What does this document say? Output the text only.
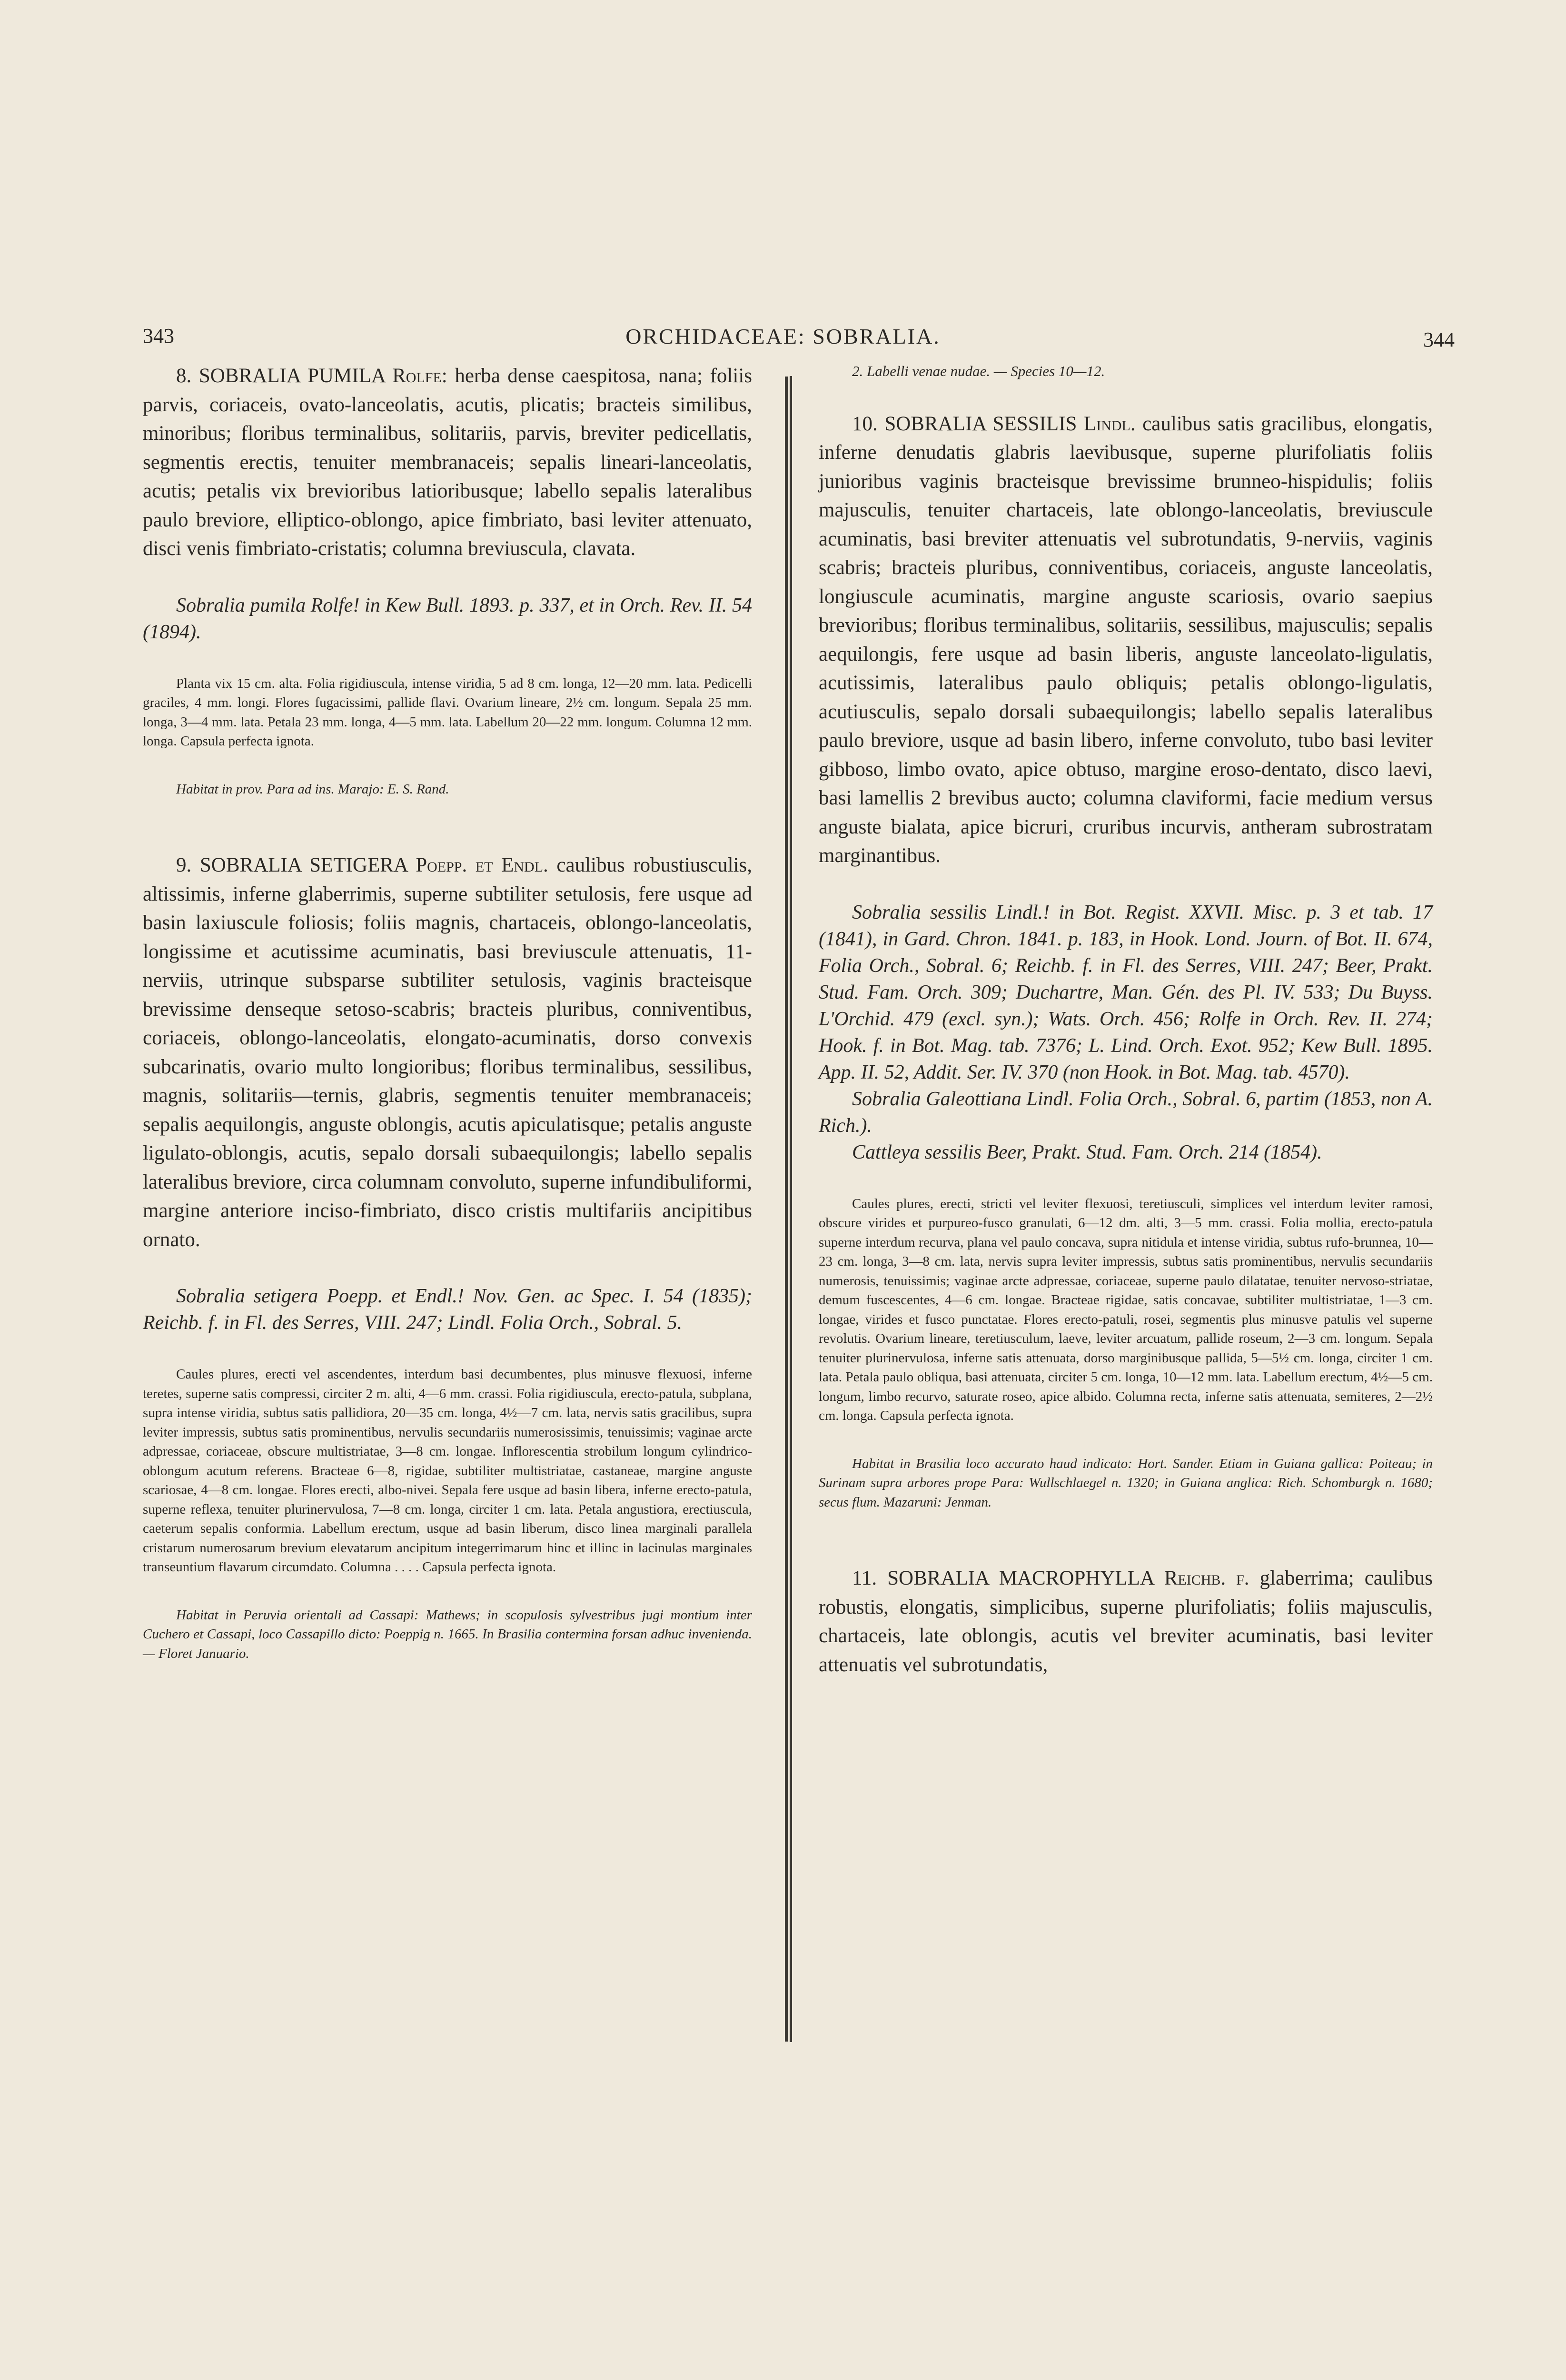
343	ORCHIDACEAE: SOBRALIA.	344

8. SOBRALIA PUMILA Rolfe: herba dense caespitosa, nana; foliis parvis, coriaceis, ovato-lanceolatis, acutis, plicatis; bracteis similibus, minoribus; floribus terminalibus, solitariis, parvis, breviter pedicellatis, segmentis erectis, tenuiter membranaceis; sepalis lineari-lanceolatis, acutis; petalis vix brevioribus latioribusque; labello sepalis lateralibus paulo breviore, elliptico-oblongo, apice fimbriato, basi leviter attenuato, disci venis fimbriato-cristatis; columna breviuscula, clavata.

Sobralia pumila Rolfe! in Kew Bull. 1893. p. 337, et in Orch. Rev. II. 54 (1894).

Planta vix 15 cm. alta. Folia rigidiuscula, intense viridia, 5 ad 8 cm. longa, 12—20 mm. lata. Pedicelli graciles, 4 mm. longi. Flores fugacissimi, pallide flavi. Ovarium lineare, 2½ cm. longum. Sepala 25 mm. longa, 3—4 mm. lata. Petala 23 mm. longa, 4—5 mm. lata. Labellum 20—22 mm. longum. Columna 12 mm. longa. Capsula perfecta ignota.

Habitat in prov. Para ad ins. Marajo: E. S. Rand.

9. SOBRALIA SETIGERA Poepp. et Endl. caulibus robustiusculis, altissimis, inferne glaberrimis, superne subtiliter setulosis, fere usque ad basin laxiuscule foliosis; foliis magnis, chartaceis, oblongo-lanceolatis, longissime et acutissime acuminatis, basi breviuscule attenuatis, 11-nerviis, utrinque subsparse subtiliter setulosis, vaginis bracteisque brevissime denseque setoso-scabris; bracteis pluribus, conniventibus, coriaceis, oblongo-lanceolatis, elongato-acuminatis, dorso convexis subcarinatis, ovario multo longioribus; floribus terminalibus, sessilibus, magnis, solitariis—ternis, glabris, segmentis tenuiter membranaceis; sepalis aequilongis, anguste oblongis, acutis apiculatisque; petalis anguste ligulato-oblongis, acutis, sepalo dorsali subaequilongis; labello sepalis lateralibus breviore, circa columnam convoluto, superne infundibuliformi, margine anteriore inciso-fimbriato, disco cristis multifariis ancipitibus ornato.

Sobralia setigera Poepp. et Endl.! Nov. Gen. ac Spec. I. 54 (1835); Reichb. f. in Fl. des Serres, VIII. 247; Lindl. Folia Orch., Sobral. 5.

Caules plures, erecti vel ascendentes, interdum basi decumbentes, plus minusve flexuosi, inferne teretes, superne satis compressi, circiter 2 m. alti, 4—6 mm. crassi. Folia rigidiuscula, erecto-patula, subplana, supra intense viridia, subtus satis pallidiora, 20—35 cm. longa, 4½—7 cm. lata, nervis satis gracilibus, supra leviter impressis, subtus satis prominentibus, nervulis secundariis numerosissimis, tenuissimis; vaginae arcte adpressae, coriaceae, obscure multistriatae, 3—8 cm. longae. Inflorescentia strobilum longum cylindrico-oblongum acutum referens. Bracteae 6—8, rigidae, subtiliter multistriatae, castaneae, margine anguste scariosae, 4—8 cm. longae. Flores erecti, albo-nivei. Sepala fere usque ad basin libera, inferne erecto-patula, superne reflexa, tenuiter plurinervulosa, 7—8 cm. longa, circiter 1 cm. lata. Petala angustiora, erectiuscula, caeterum sepalis conformia. Labellum erectum, usque ad basin liberum, disco linea marginali parallela cristarum numerosarum brevium elevatarum ancipitum integerrimarum hinc et illinc in lacinulas marginales transeuntium flavarum circumdato. Columna . . . . Capsula perfecta ignota.

Habitat in Peruvia orientali ad Cassapi: Mathews; in scopulosis sylvestribus jugi montium inter Cuchero et Cassapi, loco Cassapillo dicto: Poeppig n. 1665. In Brasilia contermina forsan adhuc invenienda. — Floret Januario.

2. Labelli venae nudae. — Species 10—12.

10. SOBRALIA SESSILIS Lindl. caulibus satis gracilibus, elongatis, inferne denudatis glabris laevibusque, superne plurifoliatis foliis junioribus vaginis bracteisque brevissime brunneo-hispidulis; foliis majusculis, tenuiter chartaceis, late oblongo-lanceolatis, breviuscule acuminatis, basi breviter attenuatis vel subrotundatis, 9-nerviis, vaginis scabris; bracteis pluribus, conniventibus, coriaceis, anguste lanceolatis, longiuscule acuminatis, margine anguste scariosis, ovario saepius brevioribus; floribus terminalibus, solitariis, sessilibus, majusculis; sepalis aequilongis, fere usque ad basin liberis, anguste lanceolato-ligulatis, acutissimis, lateralibus paulo obliquis; petalis oblongo-ligulatis, acutiusculis, sepalo dorsali subaequilongis; labello sepalis lateralibus paulo breviore, usque ad basin libero, inferne convoluto, tubo basi leviter gibboso, limbo ovato, apice obtuso, margine eroso-dentato, disco laevi, basi lamellis 2 brevibus aucto; columna claviformi, facie medium versus anguste bialata, apice bicruri, cruribus incurvis, antheram subrostratam marginantibus.

Sobralia sessilis Lindl.! in Bot. Regist. XXVII. Misc. p. 3 et tab. 17 (1841), in Gard. Chron. 1841. p. 183, in Hook. Lond. Journ. of Bot. II. 674, Folia Orch., Sobral. 6; Reichb. f. in Fl. des Serres, VIII. 247; Beer, Prakt. Stud. Fam. Orch. 309; Duchartre, Man. Gén. des Pl. IV. 533; Du Buyss. L'Orchid. 479 (excl. syn.); Wats. Orch. 456; Rolfe in Orch. Rev. II. 274; Hook. f. in Bot. Mag. tab. 7376; L. Lind. Orch. Exot. 952; Kew Bull. 1895. App. II. 52, Addit. Ser. IV. 370 (non Hook. in Bot. Mag. tab. 4570).

Sobralia Galeottiana Lindl. Folia Orch., Sobral. 6, partim (1853, non A. Rich.).

Cattleya sessilis Beer, Prakt. Stud. Fam. Orch. 214 (1854).

Caules plures, erecti, stricti vel leviter flexuosi, teretiusculi, simplices vel interdum leviter ramosi, obscure virides et purpureo-fusco granulati, 6—12 dm. alti, 3—5 mm. crassi. Folia mollia, erecto-patula superne interdum recurva, plana vel paulo concava, supra nitidula et intense viridia, subtus rufo-brunnea, 10—23 cm. longa, 3—8 cm. lata, nervis supra leviter impressis, subtus satis prominentibus, nervulis secundariis numerosis, tenuissimis; vaginae arcte adpressae, coriaceae, superne paulo dilatatae, tenuiter nervoso-striatae, demum fuscescentes, 4—6 cm. longae. Bracteae rigidae, satis concavae, subtiliter multistriatae, 1—3 cm. longae, virides et fusco punctatae. Flores erecto-patuli, rosei, segmentis plus minusve patulis vel superne revolutis. Ovarium lineare, teretiusculum, laeve, leviter arcuatum, pallide roseum, 2—3 cm. longum. Sepala tenuiter plurinervulosa, inferne satis attenuata, dorso marginibusque pallida, 5—5½ cm. longa, circiter 1 cm. lata. Petala paulo obliqua, basi attenuata, circiter 5 cm. longa, 10—12 mm. lata. Labellum erectum, 4½—5 cm. longum, limbo recurvo, saturate roseo, apice albido. Columna recta, inferne satis attenuata, semiteres, 2—2½ cm. longa. Capsula perfecta ignota.

Habitat in Brasilia loco accurato haud indicato: Hort. Sander. Etiam in Guiana gallica: Poiteau; in Surinam supra arbores prope Para: Wullschlaegel n. 1320; in Guiana anglica: Rich. Schomburgk n. 1680; secus flum. Mazaruni: Jenman.

11. SOBRALIA MACROPHYLLA Reichb. f. glaberrima; caulibus robustis, elongatis, simplicibus, superne plurifoliatis; foliis majusculis, chartaceis, late oblongis, acutis vel breviter acuminatis, basi leviter attenuatis vel subrotundatis,
